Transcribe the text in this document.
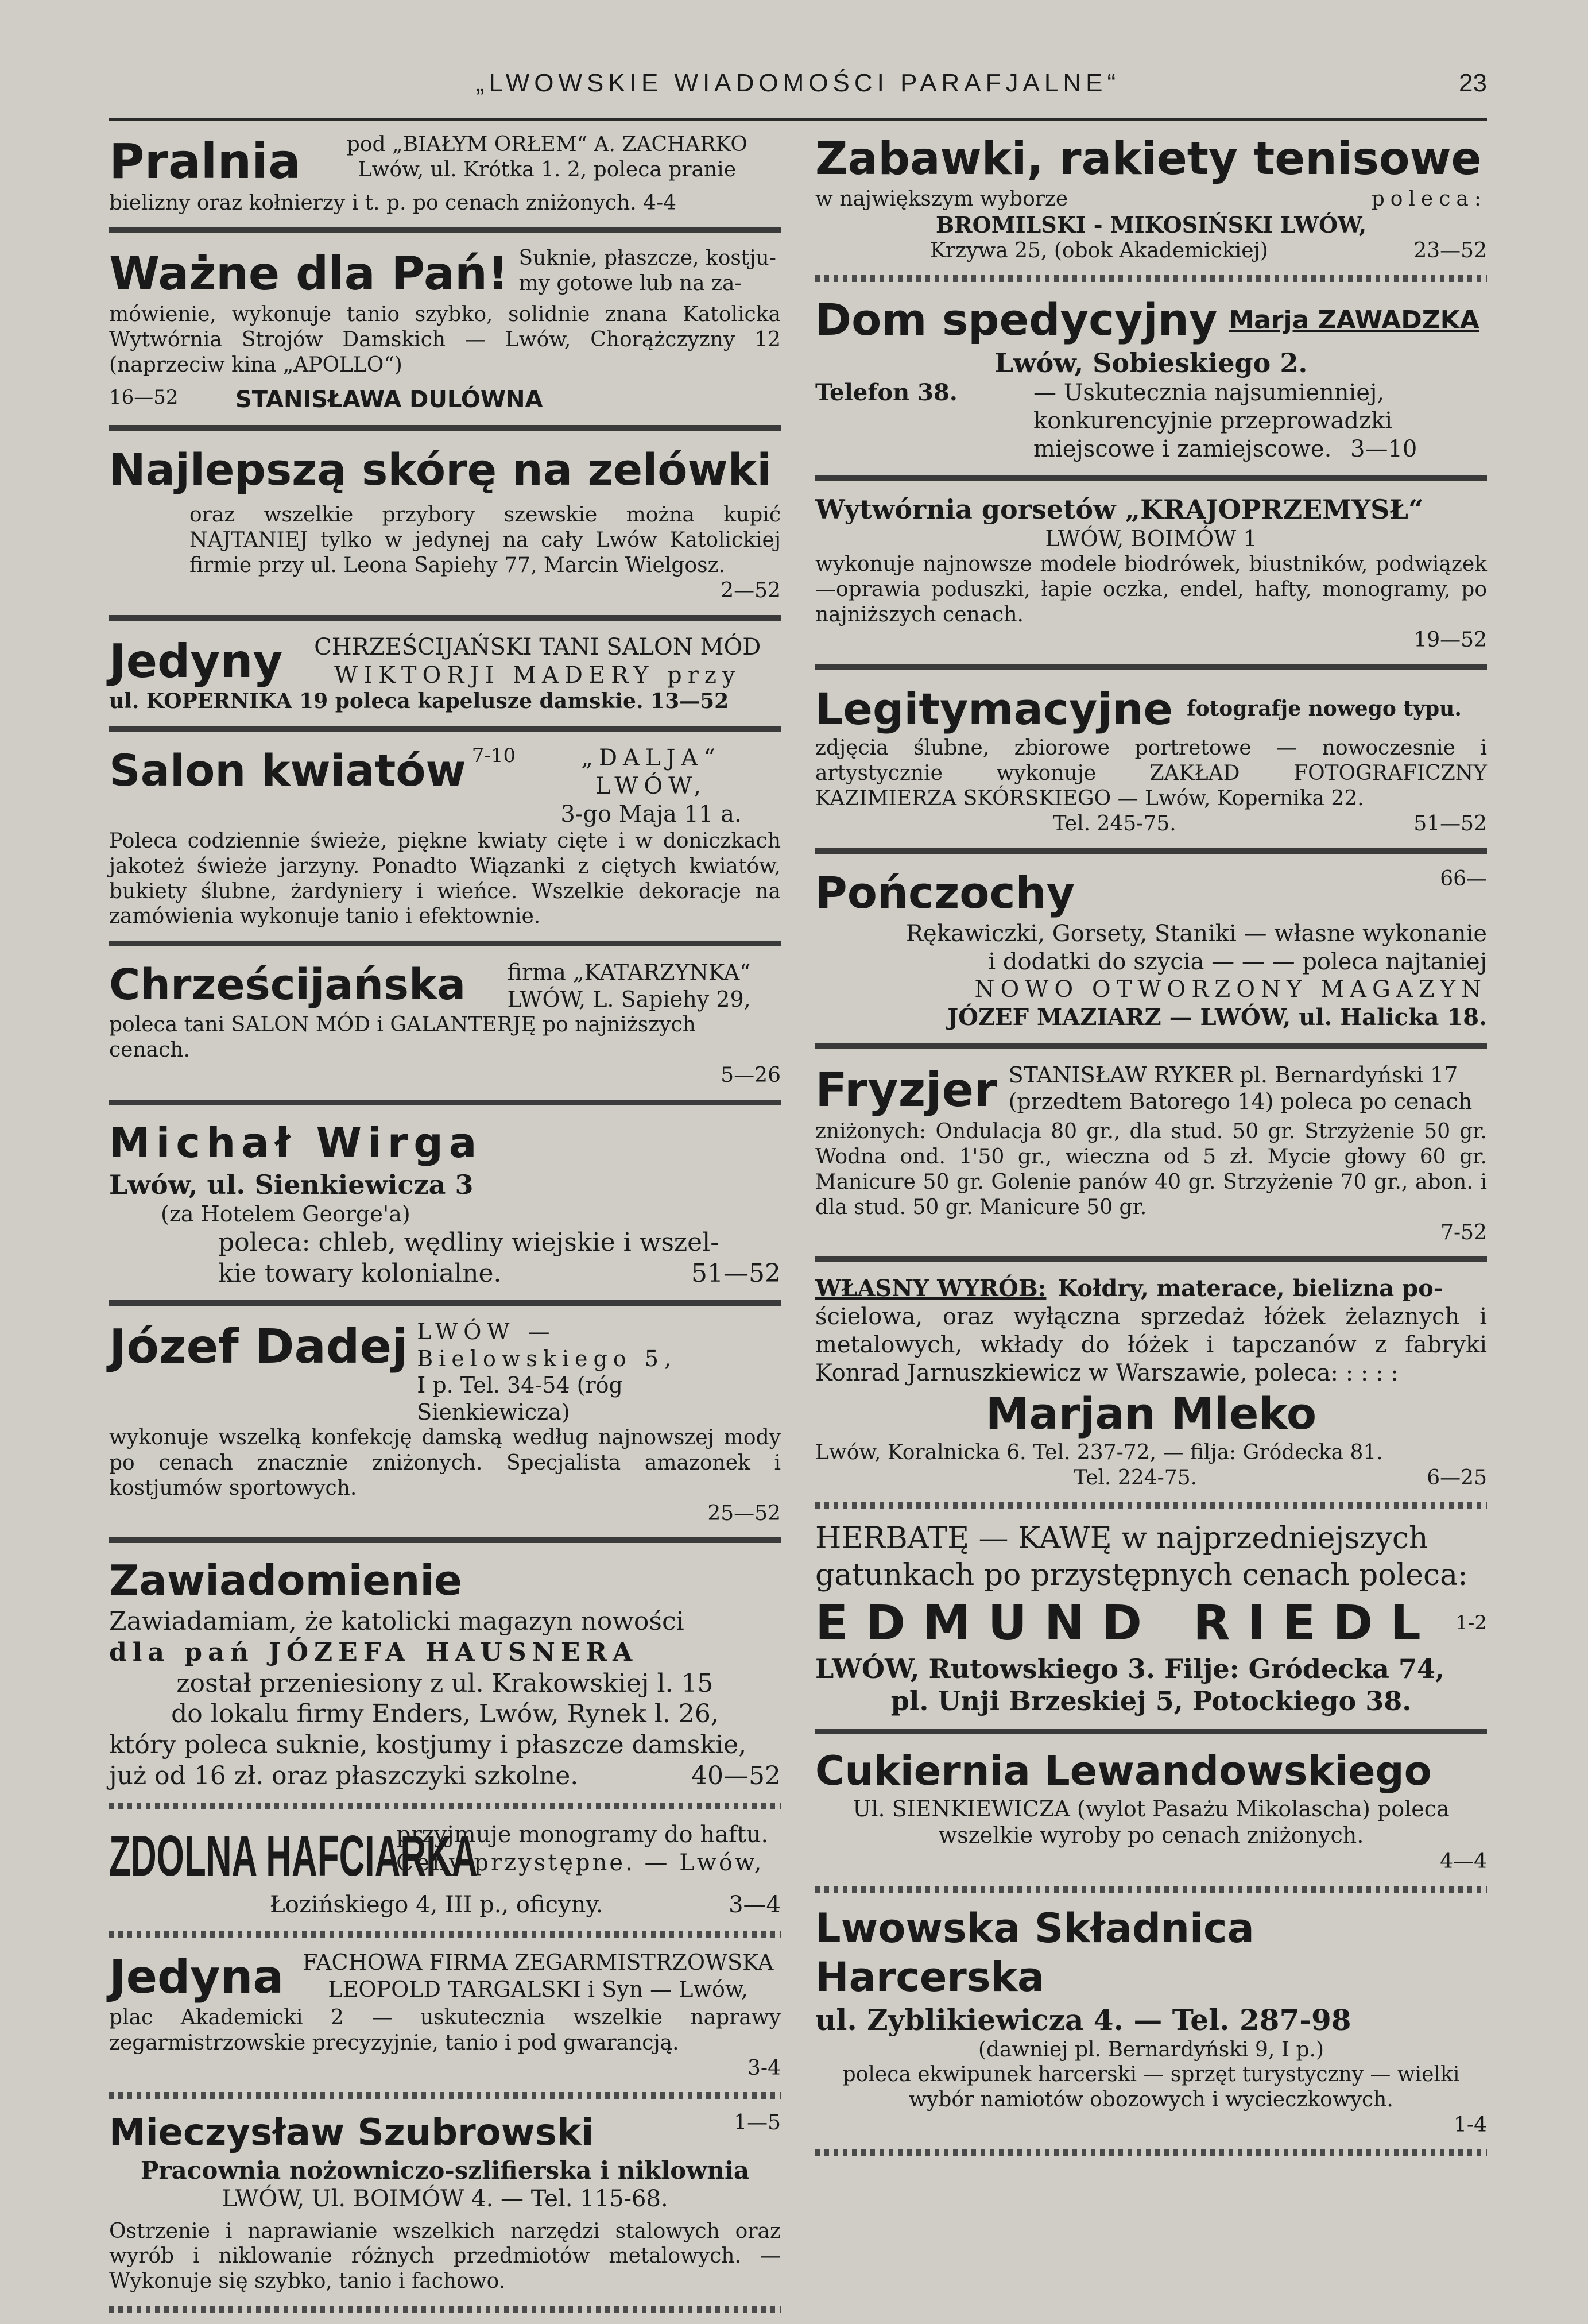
„LWOWSKIE WIADOMOŚCI PARAFJALNE“	23
Pralnia	pod „BIAŁYM ORŁEM“ A. ZACHARKO
Lwów, ul. Krótka 1. 2, poleca pranie
bielizny oraz kołnierzy i t. p. po cenach zniżonych. 4-4
Ważne dla Pań! Suknie, płaszcze, kostju-
my gotowe lub na za-
mówienie, wykonuje tanio szybko, solidnie znana Katolicka Wytwórnia Strojów Damskich — Lwów, Chorążczyzny 12 (naprzeciw kina „APOLLO“)
16—52	STANISŁAWA DULÓWNA
Najlepszą skórę na zelówki
oraz wszelkie przybory szewskie można kupić NAJTANIEJ tylko w jedynej na cały Lwów Katolickiej firmie przy ul. Leona Sapiehy 77, Marcin Wielgosz.
2—52
Jedyny	CHRZEŚCIJAŃSKI TANI SALON MÓD
WIKTORJI MADERY przy
ul. KOPERNIKA 19 poleca kapelusze damskie. 13—52
Salon kwiatów 7-10	„DALJA“ LWÓW,
3-go Maja 11 a.
Poleca codziennie świeże, piękne kwiaty cięte i w doniczkach jakoteż świeże jarzyny. Ponadto Wiązanki z ciętych kwiatów, bukiety ślubne, żardyniery i wieńce. Wszelkie dekoracje na zamówienia wykonuje tanio i efektownie.
Chrześcijańska	firma „KATARZYNKA“
LWÓW, L. Sapiehy 29,
poleca tani SALON MÓD i GALANTERJĘ po najniższych cenach.
5—26
Michał Wirga
Lwów, ul. Sienkiewicza 3
(za Hotelem George'a)
poleca: chleb, wędliny wiejskie i wszel-
kie towary kolonialne.	51—52
Józef Dadej LWÓW — Bielowskiego 5,
I p. Tel. 34-54 (róg Sienkiewicza)
wykonuje wszelką konfekcję damską według najnowszej mody po cenach znacznie zniżonych. Specjalista amazonek i kostjumów sportowych.
25—52
Zawiadomienie
Zawiadamiam, że katolicki magazyn nowości
dla pań JÓZEFA HAUSNERA
został przeniesiony z ul. Krakowskiej l. 15
do lokalu firmy Enders, Lwów, Rynek l. 26,
który poleca suknie, kostjumy i płaszcze damskie,
już od 16 zł. oraz płaszczyki szkolne.	40—52
ZDOLNA HAFCIARKA
przyjmuje monogramy do haftu.
Ceny przystępne. — Lwów,
Łozińskiego 4, III p., oficyny.	3—4
Jedyna FACHOWA FIRMA ZEGARMISTRZOWSKA
LEOPOLD TARGALSKI i Syn — Lwów,
plac Akademicki 2 — uskutecznia wszelkie naprawy zegarmistrzowskie precyzyjnie, tanio i pod gwarancją.
3-4
Mieczysław Szubrowski	1—5
Pracownia nożowniczo-szlifierska i niklownia
LWÓW, Ul. BOIMÓW 4. — Tel. 115-68.
Ostrzenie i naprawianie wszelkich narzędzi stalowych oraz wyrób i niklowanie różnych przedmiotów metalowych. — Wykonuje się szybko, tanio i fachowo.
Zabawki, rakiety tenisowe
w największym wyborze	poleca:
BROMILSKI - MIKOSIŃSKI LWÓW,
Krzywa 25, (obok Akademickiej)	23—52
Dom spedycyjny Marja ZAWADZKA
Lwów, Sobieskiego 2.
Telefon 38.	— Uskutecznia najsumienniej, konkurencyjnie przeprowadzki miejscowe i zamiejscowe. 3—10
Wytwórnia gorsetów „KRAJOPRZEMYSŁ“
LWÓW, BOIMÓW 1
wykonuje najnowsze modele biodrówek, biustników, podwiązek—oprawia poduszki, łapie oczka, endel, hafty, monogramy, po najniższych cenach.
19—52
Legitymacyjne fotografje nowego typu.
zdjęcia ślubne, zbiorowe portretowe — nowoczesnie i artystycznie wykonuje ZAKŁAD FOTOGRAFICZNY KAZIMIERZA SKÓRSKIEGO — Lwów, Kopernika 22.
Tel. 245-75.	51—52
Pończochy	66—
Rękawiczki, Gorsety, Staniki — własne wykonanie
i dodatki do szycia — — — poleca najtaniej
NOWO OTWORZONY MAGAZYN
JÓZEF MAZIARZ — LWÓW, ul. Halicka 18.
Fryzjer STANISŁAW RYKER pl. Bernardyński 17
(przedtem Batorego 14) poleca po cenach
zniżonych: Ondulacja 80 gr., dla stud. 50 gr. Strzyżenie 50 gr. Wodna ond. 1'50 gr., wieczna od 5 zł. Mycie głowy 60 gr. Manicure 50 gr. Golenie panów 40 gr. Strzyżenie 70 gr., abon. i dla stud. 50 gr. Manicure 50 gr.
7-52
WŁASNY WYRÓB: Kołdry, materace, bielizna po-
ścielowa, oraz wyłączna sprzedaż łóżek żelaznych i metalowych, wkłady do łóżek i tapczanów z fabryki Konrad Jarnuszkiewicz w Warszawie, poleca: : : : :
Marjan Mleko
Lwów, Koralnicka 6. Tel. 237-72, — filja: Gródecka 81.
Tel. 224-75.	6—25
HERBATĘ — KAWĘ w najprzedniejszych
gatunkach po przystępnych cenach poleca:
EDMUND RIEDL 1-2
LWÓW, Rutowskiego 3. Filje: Gródecka 74,
pl. Unji Brzeskiej 5, Potockiego 38.
Cukiernia Lewandowskiego
Ul. SIENKIEWICZA (wylot Pasażu Mikolascha) poleca wszelkie wyroby po cenach zniżonych.
4—4
Lwowska Składnica Harcerska
ul. Zyblikiewicza 4. — Tel. 287-98
(dawniej pl. Bernardyński 9, I p.)
poleca ekwipunek harcerski — sprzęt turystyczny — wielki wybór namiotów obozowych i wycieczkowych.
1-4
